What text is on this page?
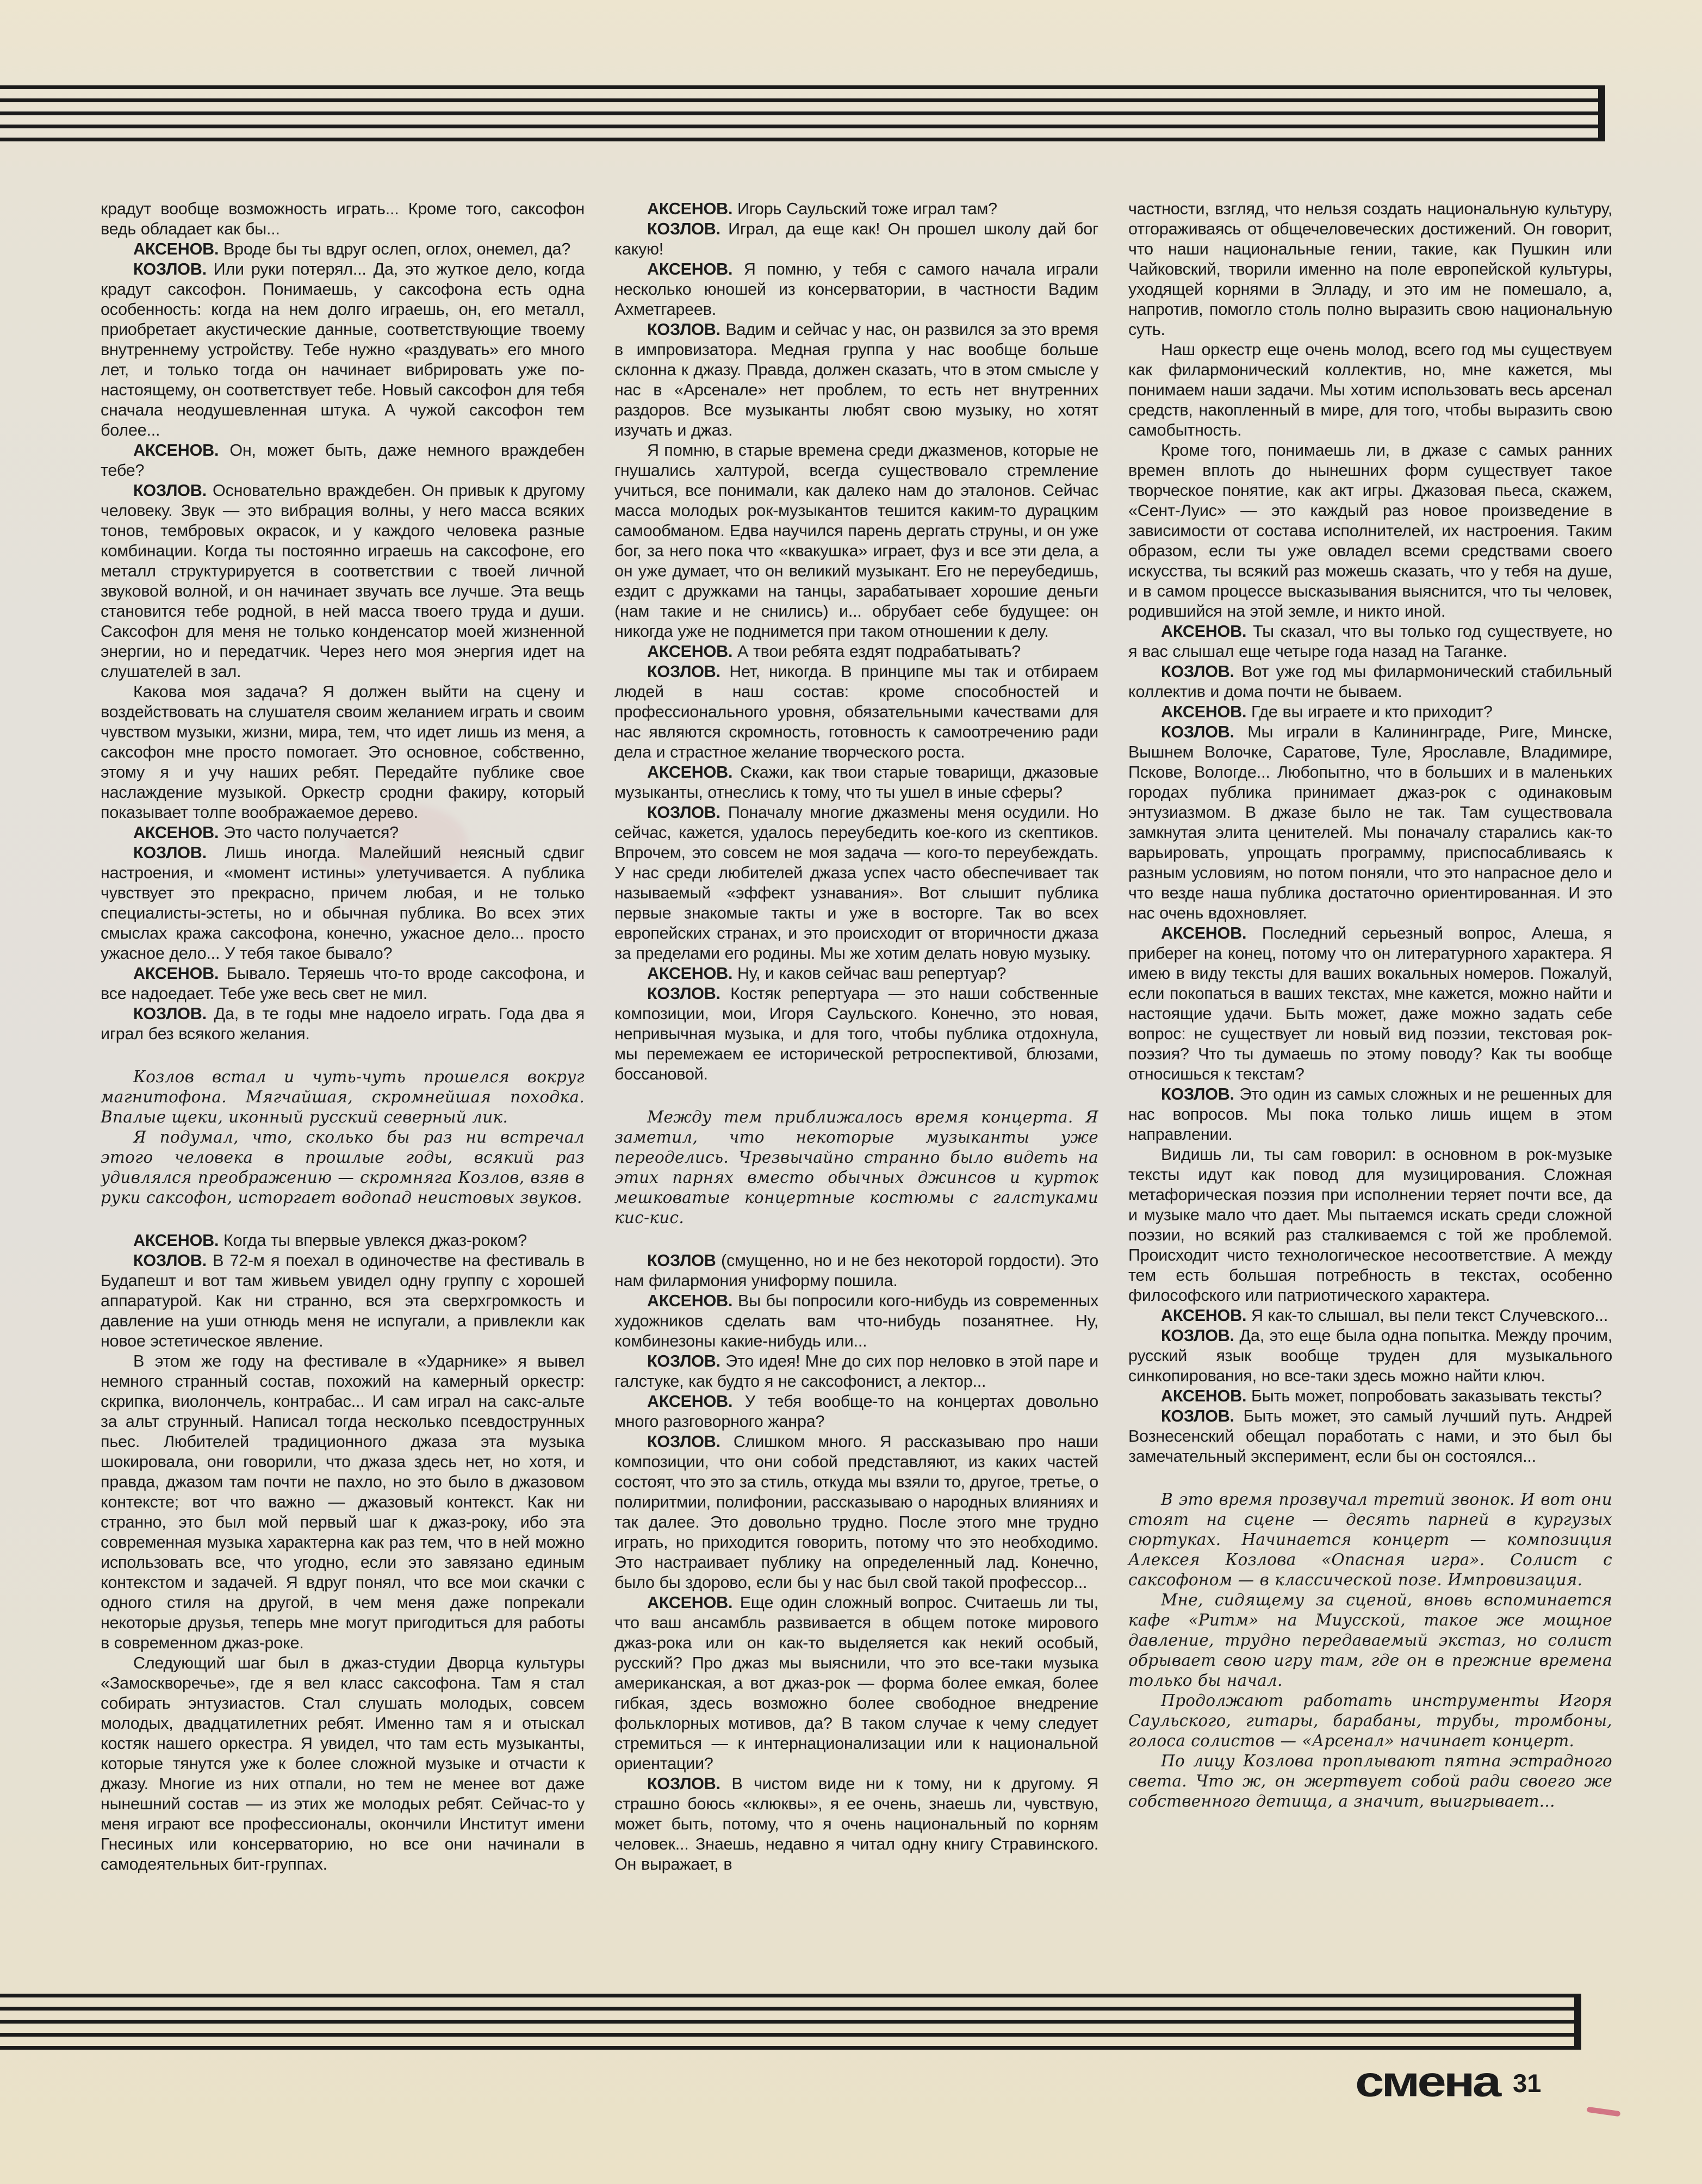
крадут вообще возможность играть... Кроме того, саксофон ведь обладает как бы...

АКСЕНОВ. Вроде бы ты вдруг ослеп, оглох, онемел, да?

КОЗЛОВ. Или руки потерял... Да, это жуткое дело, когда крадут саксофон. Понимаешь, у саксофона есть одна особенность: когда на нем долго играешь, он, его металл, приобретает акустические данные, соответствующие твоему внутреннему устройству. Тебе нужно «раздувать» его много лет, и только тогда он начинает вибрировать уже по-настоящему, он соответствует тебе. Новый саксофон для тебя сначала неодушевленная штука. А чужой саксофон тем более...

АКСЕНОВ. Он, может быть, даже немного враждебен тебе?

КОЗЛОВ. Основательно враждебен. Он привык к другому человеку. Звук — это вибрация волны, у него масса всяких тонов, тембровых окрасок, и у каждого человека разные комбинации. Когда ты постоянно играешь на саксофоне, его металл структурируется в соответствии с твоей личной звуковой волной, и он начинает звучать все лучше. Эта вещь становится тебе родной, в ней масса твоего труда и души. Саксофон для меня не только конденсатор моей жизненной энергии, но и передатчик. Через него моя энергия идет на слушателей в зал.

Какова моя задача? Я должен выйти на сцену и воздействовать на слушателя своим желанием играть и своим чувством музыки, жизни, мира, тем, что идет лишь из меня, а саксофон мне просто помогает. Это основное, собственно, этому я и учу наших ребят. Передайте публике свое наслаждение музыкой. Оркестр сродни факиру, который показывает толпе воображаемое дерево.

АКСЕНОВ. Это часто получается?

КОЗЛОВ. Лишь иногда. Малейший неясный сдвиг настроения, и «момент истины» улетучивается. А публика чувствует это прекрасно, причем любая, и не только специалисты-эстеты, но и обычная публика. Во всех этих смыслах кража саксофона, конечно, ужасное дело... просто ужасное дело... У тебя такое бывало?

АКСЕНОВ. Бывало. Теряешь что-то вроде саксофона, и все надоедает. Тебе уже весь свет не мил.

КОЗЛОВ. Да, в те годы мне надоело играть. Года два я играл без всякого желания.

Козлов встал и чуть-чуть прошелся вокруг магнитофона. Мягчайшая, скромнейшая походка. Впалые щеки, иконный русский северный лик.

Я подумал, что, сколько бы раз ни встречал этого человека в прошлые годы, всякий раз удивлялся преображению — скромняга Козлов, взяв в руки саксофон, исторгает водопад неистовых звуков.

АКСЕНОВ. Когда ты впервые увлекся джаз-роком?

КОЗЛОВ. В 72-м я поехал в одиночестве на фестиваль в Будапешт и вот там живьем увидел одну группу с хорошей аппаратурой. Как ни странно, вся эта сверхгромкость и давление на уши отнюдь меня не испугали, а привлекли как новое эстетическое явление.

В этом же году на фестивале в «Ударнике» я вывел немного странный состав, похожий на камерный оркестр: скрипка, виолончель, контрабас... И сам играл на сакс-альте за альт струнный. Написал тогда несколько псевдострунных пьес. Любителей традиционного джаза эта музыка шокировала, они говорили, что джаза здесь нет, но хотя, и правда, джазом там почти не пахло, но это было в джазовом контексте; вот что важно — джазовый контекст. Как ни странно, это был мой первый шаг к джаз-року, ибо эта современная музыка характерна как раз тем, что в ней можно использовать все, что угодно, если это завязано единым контекстом и задачей. Я вдруг понял, что все мои скачки с одного стиля на другой, в чем меня даже попрекали некоторые друзья, теперь мне могут пригодиться для работы в современном джаз-роке.

Следующий шаг был в джаз-студии Дворца культуры «Замоскворечье», где я вел класс саксофона. Там я стал собирать энтузиастов. Стал слушать молодых, совсем молодых, двадцатилетних ребят. Именно там я и отыскал костяк нашего оркестра. Я увидел, что там есть музыканты, которые тянутся уже к более сложной музыке и отчасти к джазу. Многие из них отпали, но тем не менее вот даже нынешний состав — из этих же молодых ребят. Сейчас-то у меня играют все профессионалы, окончили Институт имени Гнесиных или консерваторию, но все они начинали в самодеятельных бит-группах.

АКСЕНОВ. Игорь Саульский тоже играл там?

КОЗЛОВ. Играл, да еще как! Он прошел школу дай бог какую!

АКСЕНОВ. Я помню, у тебя с самого начала играли несколько юношей из консерватории, в частности Вадим Ахметгареев.

КОЗЛОВ. Вадим и сейчас у нас, он развился за это время в импровизатора. Медная группа у нас вообще больше склонна к джазу. Правда, должен сказать, что в этом смысле у нас в «Арсенале» нет проблем, то есть нет внутренних раздоров. Все музыканты любят свою музыку, но хотят изучать и джаз.

Я помню, в старые времена среди джазменов, которые не гнушались халтурой, всегда существовало стремление учиться, все понимали, как далеко нам до эталонов. Сейчас масса молодых рок-музыкантов тешится каким-то дурацким самообманом. Едва научился парень дергать струны, и он уже бог, за него пока что «квакушка» играет, фуз и все эти дела, а он уже думает, что он великий музыкант. Его не переубедишь, ездит с дружками на танцы, зарабатывает хорошие деньги (нам такие и не снились) и... обрубает себе будущее: он никогда уже не поднимется при таком отношении к делу.

АКСЕНОВ. А твои ребята ездят подрабатывать?

КОЗЛОВ. Нет, никогда. В принципе мы так и отбираем людей в наш состав: кроме способностей и профессионального уровня, обязательными качествами для нас являются скромность, готовность к самоотречению ради дела и страстное желание творческого роста.

АКСЕНОВ. Скажи, как твои старые товарищи, джазовые музыканты, отнеслись к тому, что ты ушел в иные сферы?

КОЗЛОВ. Поначалу многие джазмены меня осудили. Но сейчас, кажется, удалось переубедить кое-кого из скептиков. Впрочем, это совсем не моя задача — кого-то переубеждать. У нас среди любителей джаза успех часто обеспечивает так называемый «эффект узнавания». Вот слышит публика первые знакомые такты и уже в восторге. Так во всех европейских странах, и это происходит от вторичности джаза за пределами его родины. Мы же хотим делать новую музыку.

АКСЕНОВ. Ну, и каков сейчас ваш репертуар?

КОЗЛОВ. Костяк репертуара — это наши собственные композиции, мои, Игоря Саульского. Конечно, это новая, непривычная музыка, и для того, чтобы публика отдохнула, мы перемежаем ее исторической ретроспективой, блюзами, боссановой.

Между тем приближалось время концерта. Я заметил, что некоторые музыканты уже переоделись. Чрезвычайно странно было видеть на этих парнях вместо обычных джинсов и курток мешковатые концертные костюмы с галстуками кис-кис.

КОЗЛОВ (смущенно, но и не без некоторой гордости). Это нам филармония униформу пошила.

АКСЕНОВ. Вы бы попросили кого-нибудь из современных художников сделать вам что-нибудь позанятнее. Ну, комбинезоны какие-нибудь или...

КОЗЛОВ. Это идея! Мне до сих пор неловко в этой паре и галстуке, как будто я не саксофонист, а лектор...

АКСЕНОВ. У тебя вообще-то на концертах довольно много разговорного жанра?

КОЗЛОВ. Слишком много. Я рассказываю про наши композиции, что они собой представляют, из каких частей состоят, что это за стиль, откуда мы взяли то, другое, третье, о полиритмии, полифонии, рассказываю о народных влияниях и так далее. Это довольно трудно. После этого мне трудно играть, но приходится говорить, потому что это необходимо. Это настраивает публику на определенный лад. Конечно, было бы здорово, если бы у нас был свой такой профессор...

АКСЕНОВ. Еще один сложный вопрос. Считаешь ли ты, что ваш ансамбль развивается в общем потоке мирового джаз-рока или он как-то выделяется как некий особый, русский? Про джаз мы выяснили, что это все-таки музыка американская, а вот джаз-рок — форма более емкая, более гибкая, здесь возможно более свободное внедрение фольклорных мотивов, да? В таком случае к чему следует стремиться — к интернационализации или к национальной ориентации?

КОЗЛОВ. В чистом виде ни к тому, ни к другому. Я страшно боюсь «клюквы», я ее очень, знаешь ли, чувствую, может быть, потому, что я очень национальный по корням человек... Знаешь, недавно я читал одну книгу Стравинского. Он выражает, в

частности, взгляд, что нельзя создать национальную культуру, отгораживаясь от общечеловеческих достижений. Он говорит, что наши национальные гении, такие, как Пушкин или Чайковский, творили именно на поле европейской культуры, уходящей корнями в Элладу, и это им не помешало, а, напротив, помогло столь полно выразить свою национальную суть.

Наш оркестр еще очень молод, всего год мы существуем как филармонический коллектив, но, мне кажется, мы понимаем наши задачи. Мы хотим использовать весь арсенал средств, накопленный в мире, для того, чтобы выразить свою самобытность.

Кроме того, понимаешь ли, в джазе с самых ранних времен вплоть до нынешних форм существует такое творческое понятие, как акт игры. Джазовая пьеса, скажем, «Сент-Луис» — это каждый раз новое произведение в зависимости от состава исполнителей, их настроения. Таким образом, если ты уже овладел всеми средствами своего искусства, ты всякий раз можешь сказать, что у тебя на душе, и в самом процессе высказывания выяснится, что ты человек, родившийся на этой земле, и никто иной.

АКСЕНОВ. Ты сказал, что вы только год существуете, но я вас слышал еще четыре года назад на Таганке.

КОЗЛОВ. Вот уже год мы филармонический стабильный коллектив и дома почти не бываем.

АКСЕНОВ. Где вы играете и кто приходит?

КОЗЛОВ. Мы играли в Калининграде, Риге, Минске, Вышнем Волочке, Саратове, Туле, Ярославле, Владимире, Пскове, Вологде... Любопытно, что в больших и в маленьких городах публика принимает джаз-рок с одинаковым энтузиазмом. В джазе было не так. Там существовала замкнутая элита ценителей. Мы поначалу старались как-то варьировать, упрощать программу, приспосабливаясь к разным условиям, но потом поняли, что это напрасное дело и что везде наша публика достаточно ориентированная. И это нас очень вдохновляет.

АКСЕНОВ. Последний серьезный вопрос, Алеша, я приберег на конец, потому что он литературного характера. Я имею в виду тексты для ваших вокальных номеров. Пожалуй, если покопаться в ваших текстах, мне кажется, можно найти и настоящие удачи. Быть может, даже можно задать себе вопрос: не существует ли новый вид поэзии, текстовая рок-поэзия? Что ты думаешь по этому поводу? Как ты вообще относишься к текстам?

КОЗЛОВ. Это один из самых сложных и не решенных для нас вопросов. Мы пока только лишь ищем в этом направлении.

Видишь ли, ты сам говорил: в основном в рок-музыке тексты идут как повод для музицирования. Сложная метафорическая поэзия при исполнении теряет почти все, да и музыке мало что дает. Мы пытаемся искать среди сложной поэзии, но всякий раз сталкиваемся с той же проблемой. Происходит чисто технологическое несоответствие. А между тем есть большая потребность в текстах, особенно философского или патриотического характера.

АКСЕНОВ. Я как-то слышал, вы пели текст Случевского...

КОЗЛОВ. Да, это еще была одна попытка. Между прочим, русский язык вообще труден для музыкального синкопирования, но все-таки здесь можно найти ключ.

АКСЕНОВ. Быть может, попробовать заказывать тексты?

КОЗЛОВ. Быть может, это самый лучший путь. Андрей Вознесенский обещал поработать с нами, и это был бы замечательный эксперимент, если бы он состоялся...

В это время прозвучал третий звонок. И вот они стоят на сцене — десять парней в кургузых сюртуках. Начинается концерт — композиция Алексея Козлова «Опасная игра». Солист с саксофоном — в классической позе. Импровизация.

Мне, сидящему за сценой, вновь вспоминается кафе «Ритм» на Миусской, такое же мощное давление, трудно передаваемый экстаз, но солист обрывает свою игру там, где он в прежние времена только бы начал.

Продолжают работать инструменты Игоря Саульского, гитары, барабаны, трубы, тромбоны, голоса солистов — «Арсенал» начинает концерт.

По лицу Козлова проплывают пятна эстрадного света. Что ж, он жертвует собой ради своего же собственного детища, а значит, выигрывает...

смена 31
